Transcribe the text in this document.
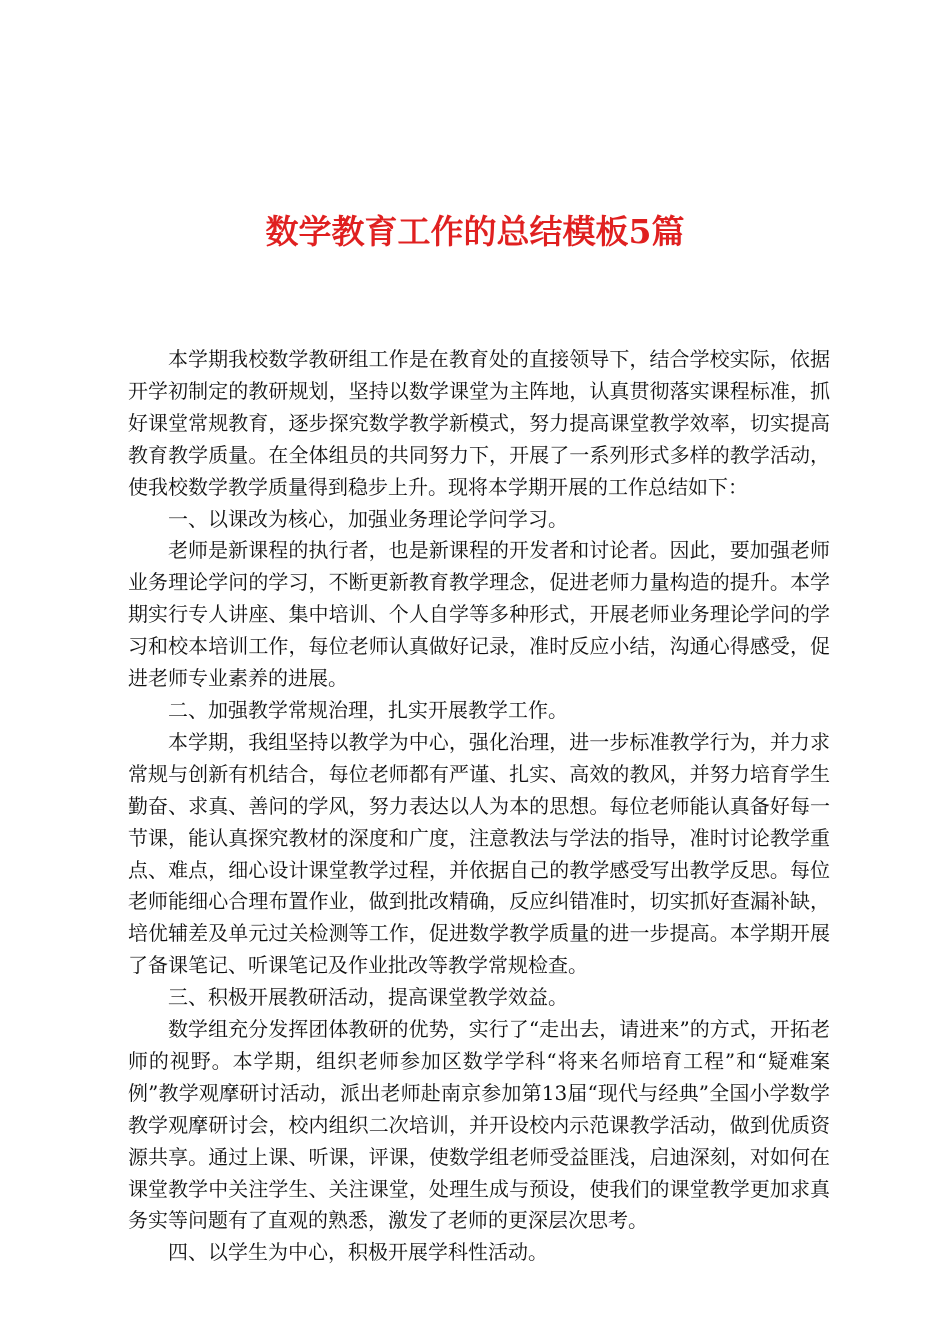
数学教育工作的总结模板5篇

本学期我校数学教研组工作是在教育处的直接领导下，结合学校实际，依据开学初制定的教研规划，坚持以数学课堂为主阵地，认真贯彻落实课程标准，抓好课堂常规教育，逐步探究数学教学新模式，努力提高课堂教学效率，切实提高教育教学质量。在全体组员的共同努力下，开展了一系列形式多样的教学活动，使我校数学教学质量得到稳步上升。现将本学期开展的工作总结如下：

一、以课改为核心，加强业务理论学问学习。

老师是新课程的执行者，也是新课程的开发者和讨论者。因此，要加强老师业务理论学问的学习，不断更新教育教学理念，促进老师力量构造的提升。本学期实行专人讲座、集中培训、个人自学等多种形式，开展老师业务理论学问的学习和校本培训工作，每位老师认真做好记录，准时反应小结，沟通心得感受，促进老师专业素养的进展。

二、加强教学常规治理，扎实开展教学工作。

本学期，我组坚持以教学为中心，强化治理，进一步标准教学行为，并力求常规与创新有机结合，每位老师都有严谨、扎实、高效的教风，并努力培育学生勤奋、求真、善问的学风，努力表达以人为本的思想。每位老师能认真备好每一节课，能认真探究教材的深度和广度，注意教法与学法的指导，准时讨论教学重点、难点，细心设计课堂教学过程，并依据自己的教学感受写出教学反思。每位老师能细心合理布置作业，做到批改精确，反应纠错准时，切实抓好查漏补缺，培优辅差及单元过关检测等工作，促进数学教学质量的进一步提高。本学期开展了备课笔记、听课笔记及作业批改等教学常规检查。

三、积极开展教研活动，提高课堂教学效益。

数学组充分发挥团体教研的优势，实行了“走出去，请进来”的方式，开拓老师的视野。本学期，组织老师参加区数学学科“将来名师培育工程”和“疑难案例”教学观摩研讨活动，派出老师赴南京参加第13届“现代与经典”全国小学数学教学观摩研讨会，校内组织二次培训，并开设校内示范课教学活动，做到优质资源共享。通过上课、听课，评课，使数学组老师受益匪浅，启迪深刻，对如何在课堂教学中关注学生、关注课堂，处理生成与预设，使我们的课堂教学更加求真务实等问题有了直观的熟悉，激发了老师的更深层次思考。

四、以学生为中心，积极开展学科性活动。
